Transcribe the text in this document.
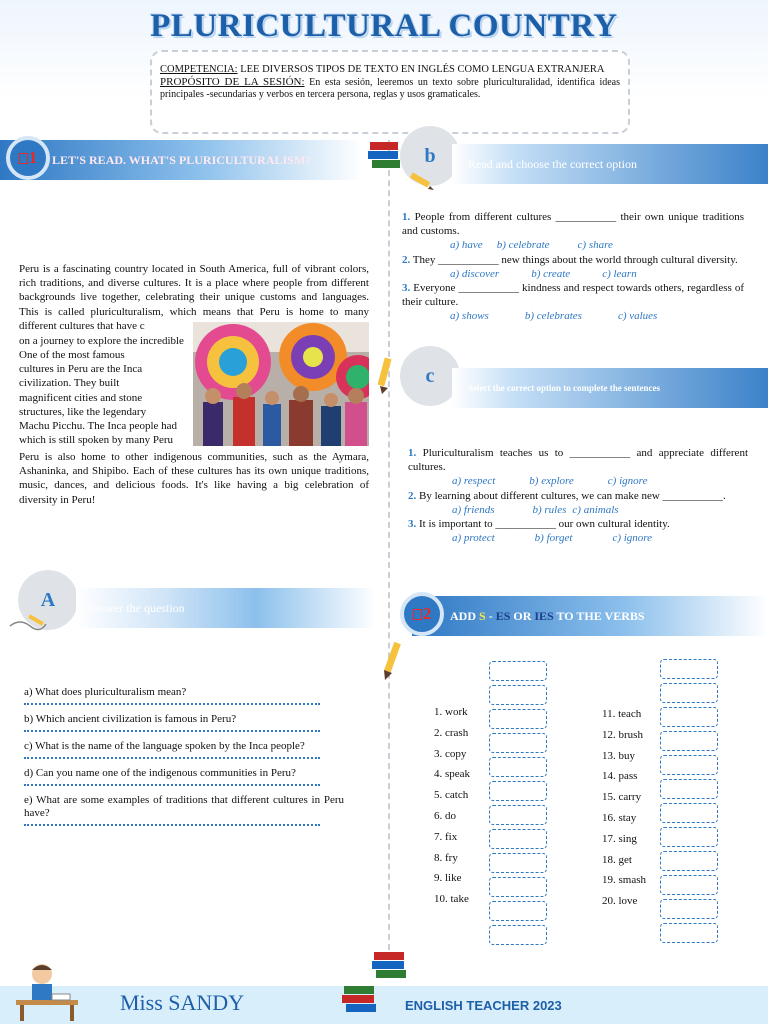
PLURICULTURAL COUNTRY
COMPETENCIA: LEE DIVERSOS TIPOS DE TEXTO EN INGLÉS COMO LENGUA EXTRANJERA
PROPÓSITO DE LA SESIÓN: En esta sesión, leeremos un texto sobre pluriculturalidad, identifica ideas principales -secundarias y verbos en tercera persona, reglas y usos gramaticales.
LET'S READ. WHAT'S PLURICULTURALISM?
1
Peru is a fascinating country located in South America, full of vibrant colors, rich traditions, and diverse cultures. It is a place where people from different backgrounds live together, celebrating their unique customs and languages. This is called pluriculturalism, which means that Peru is home to many different cultures that have c
on a journey to explore the incredible
One of the most famous
cultures in Peru are the Inca
civilization. They built
magnificent cities and stone
structures, like the legendary
Machu Picchu. The Inca people had
which is still spoken by many Peru
Peru is also home to other indigenous communities, such as the Aymara, Ashaninka, and Shipibo. Each of these cultures has its own unique traditions, music, dances, and delicious foods. It's like having a big celebration of diversity in Peru!
b	Read and choose the correct option
1. People from different cultures ___________ their own unique traditions and customs.
a) have b) celebrate	c) share
2. They ___________ new things about the world through cultural diversity.
a) discover	b) create	c) learn
3. Everyone ___________ kindness and respect towards others, regardless of their culture.
a) shows	b) celebrates	c) values
c
Select the correct option to complete the sentences
1. Pluriculturalism teaches us to ___________ and appreciate different cultures.
a) respect	b) explore	c) ignore
2. By learning about different cultures, we can make new ___________.
a) friends	b) rules c) animals
3. It is important to ___________ our own cultural identity.
a) protect	b) forget	c) ignore
A	Answer the question
a) What does pluriculturalism mean?
b) Which ancient civilization is famous in Peru?
c) What is the name of the language spoken by the Inca people?
d) Can you name one of the indigenous communities in Peru?
e) What are some examples of traditions that different cultures in Peru have?
ADD S - ES OR IES TO THE VERBS
2
1. work
2. crash
3. copy
4. speak
5. catch
6. do
7. fix
8. fry
9. like
10. take
11. teach
12. brush
13. buy
14. pass
15. carry
16. stay
17. sing
18. get
19. smash
20. love
Miss SANDY	ENGLISH TEACHER 2023
